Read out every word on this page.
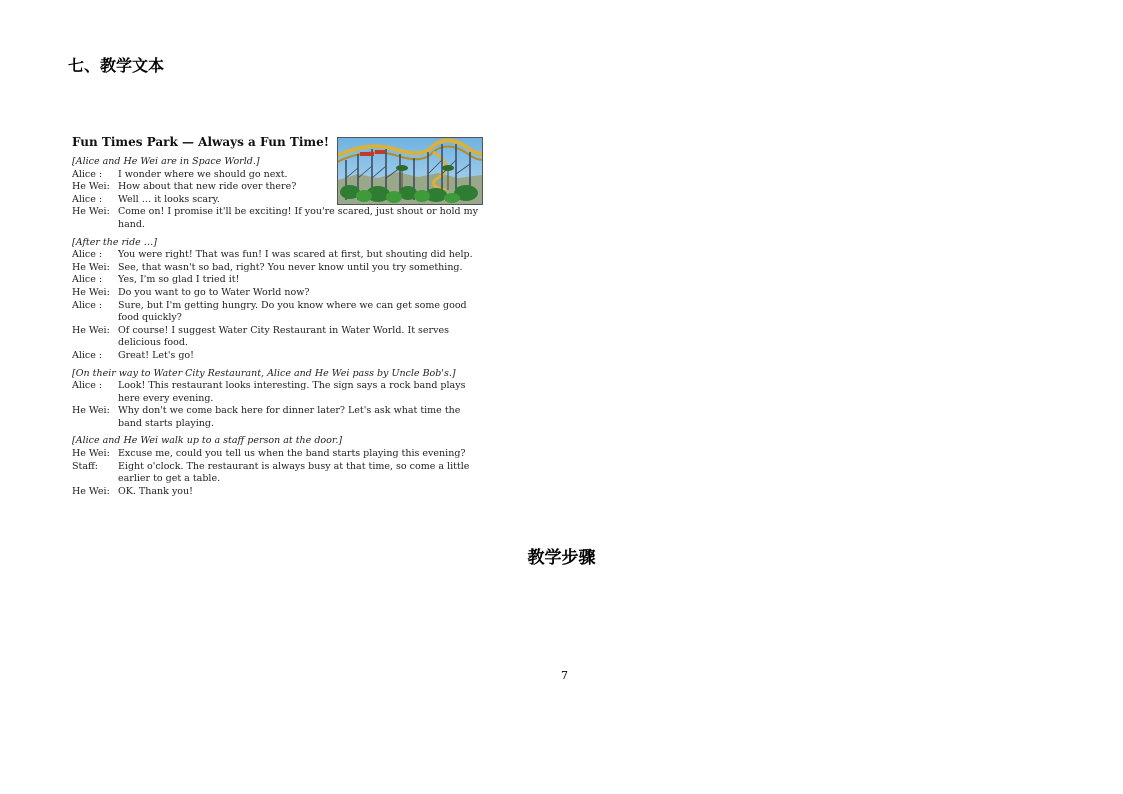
七、教学文本
Fun Times Park — Always a Fun Time!
[Alice and He Wei are in Space World.]
Alice :	I wonder where we should go next.
He Wei: How about that new ride over there?
Alice :	Well … it looks scary.
He Wei: Come on! I promise it'll be exciting! If you're scared, just shout or hold my hand.
[After the ride …]
Alice :	You were right! That was fun! I was scared at first, but shouting did help.
He Wei: See, that wasn't so bad, right? You never know until you try something.
Alice :	Yes, I'm so glad I tried it!
He Wei: Do you want to go to Water World now?
Alice :	Sure, but I'm getting hungry. Do you know where we can get some good food quickly?
He Wei: Of course! I suggest Water City Restaurant in Water World. It serves delicious food.
Alice :	Great! Let's go!
[On their way to Water City Restaurant, Alice and He Wei pass by Uncle Bob's.]
Alice :	Look! This restaurant looks interesting. The sign says a rock band plays here every evening.
He Wei: Why don't we come back here for dinner later? Let's ask what time the band starts playing.
[Alice and He Wei walk up to a staff person at the door.]
He Wei: Excuse me, could you tell us when the band starts playing this evening?
Staff:	Eight o'clock. The restaurant is always busy at that time, so come a little earlier to get a table.
He Wei: OK. Thank you!
教学步骤
7
